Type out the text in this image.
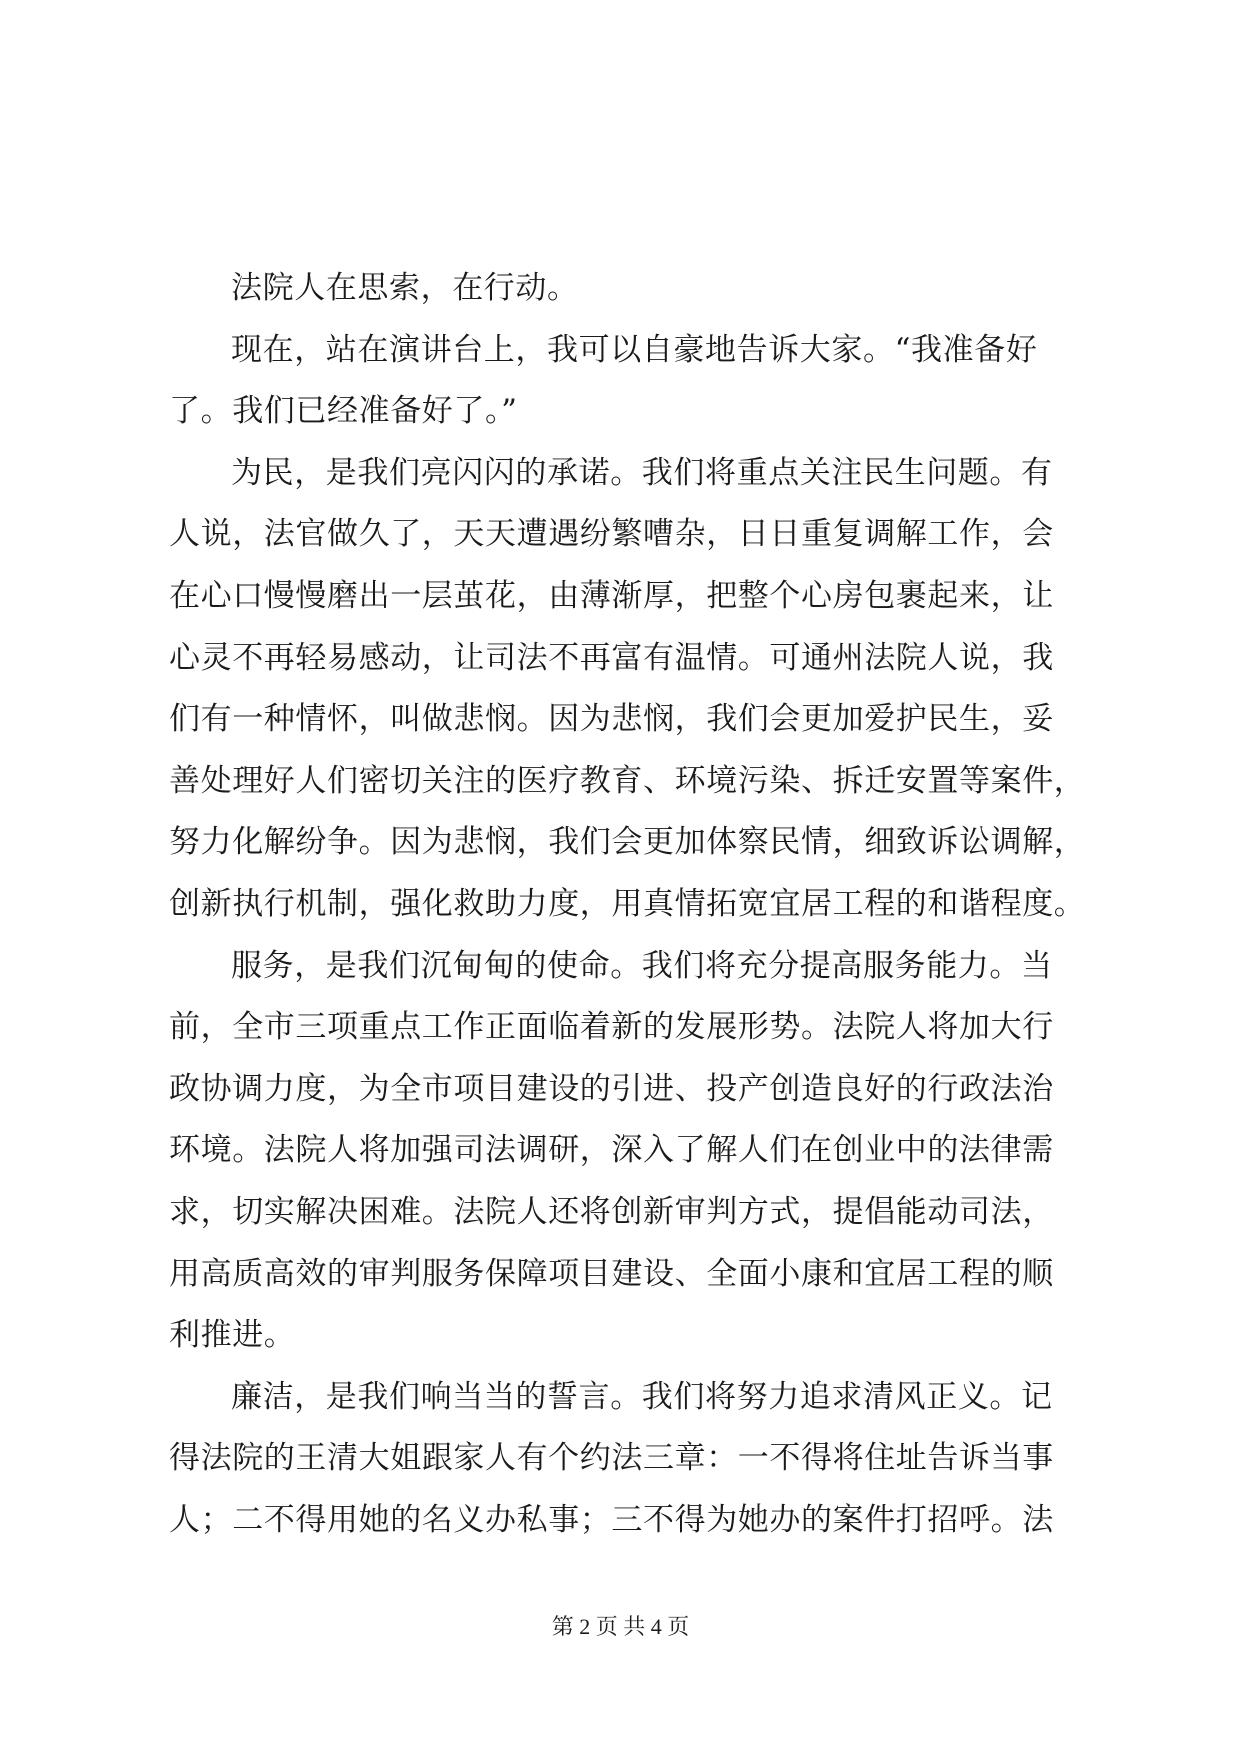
法院人在思索，在行动。
现在，站在演讲台上，我可以自豪地告诉大家。“我准备好
了。我们已经准备好了。”
为民，是我们亮闪闪的承诺。我们将重点关注民生问题。有
人说，法官做久了，天天遭遇纷繁嘈杂，日日重复调解工作，会
在心口慢慢磨出一层茧花，由薄渐厚，把整个心房包裹起来，让
心灵不再轻易感动，让司法不再富有温情。可通州法院人说，我
们有一种情怀，叫做悲悯。因为悲悯，我们会更加爱护民生，妥
善处理好人们密切关注的医疗教育、环境污染、拆迁安置等案件，
努力化解纷争。因为悲悯，我们会更加体察民情，细致诉讼调解，
创新执行机制，强化救助力度，用真情拓宽宜居工程的和谐程度。
服务，是我们沉甸甸的使命。我们将充分提高服务能力。当
前，全市三项重点工作正面临着新的发展形势。法院人将加大行
政协调力度，为全市项目建设的引进、投产创造良好的行政法治
环境。法院人将加强司法调研，深入了解人们在创业中的法律需
求，切实解决困难。法院人还将创新审判方式，提倡能动司法，
用高质高效的审判服务保障项目建设、全面小康和宜居工程的顺
利推进。
廉洁，是我们响当当的誓言。我们将努力追求清风正义。记
得法院的王清大姐跟家人有个约法三章：一不得将住址告诉当事
人；二不得用她的名义办私事；三不得为她办的案件打招呼。法
第 2 页 共 4 页
